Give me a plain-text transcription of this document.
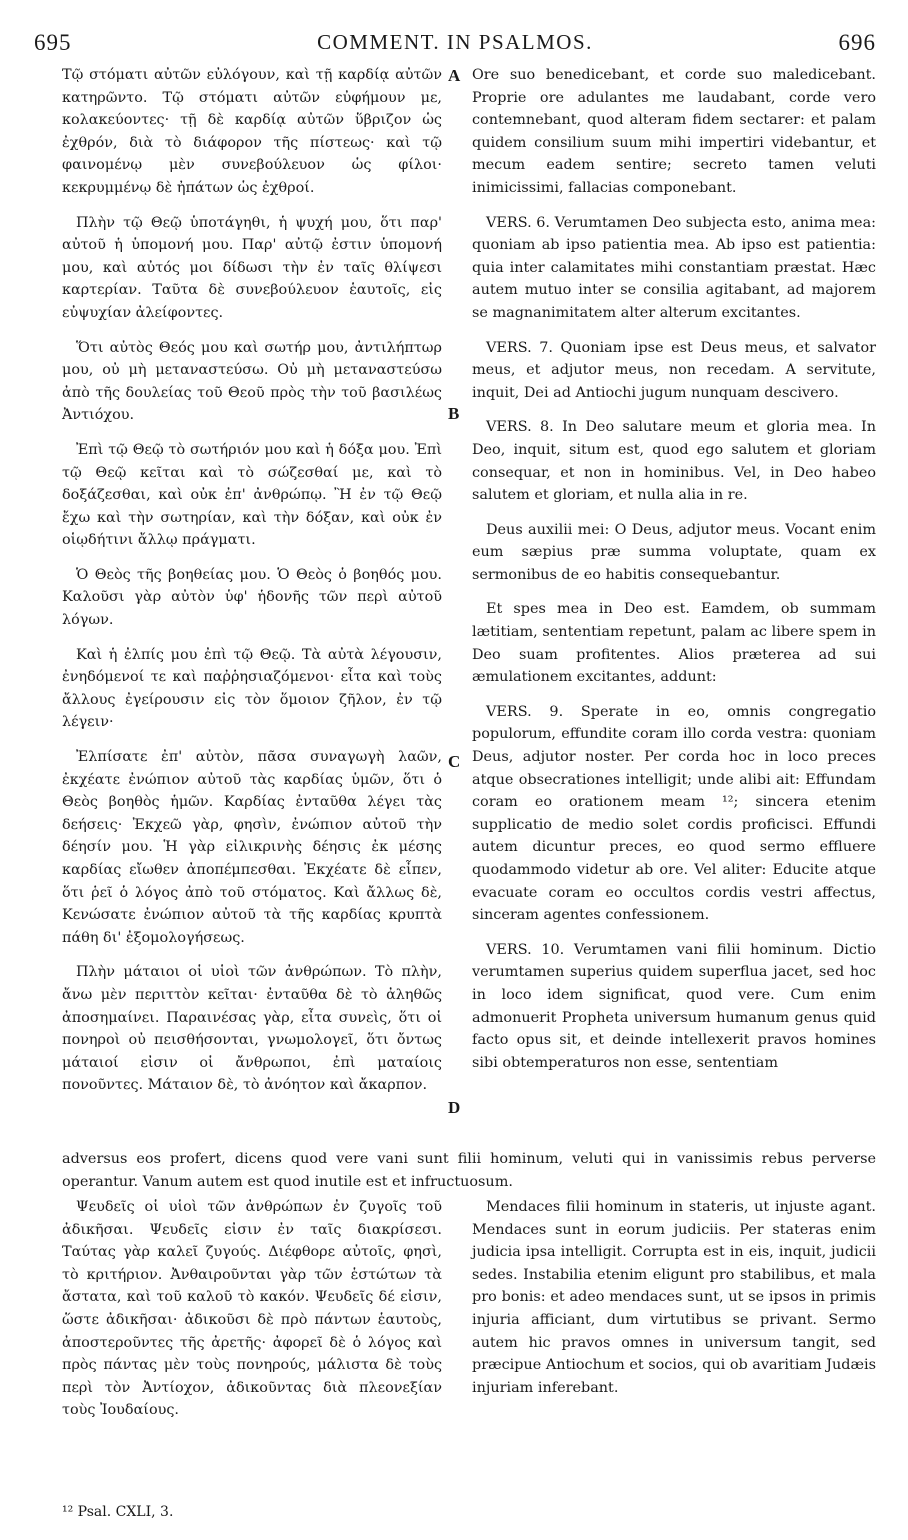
695	COMMENT. IN PSALMOS.	696

Τῷ στόματι αὐτῶν εὐλόγουν, καὶ τῇ καρδίᾳ αὐτῶν κατηρῶντο. Τῷ στόματι αὐτῶν εὐφήμουν με, κολακεύοντες· τῇ δὲ καρδίᾳ αὐτῶν ὕβριζον ὡς ἐχθρόν, διὰ τὸ διάφορον τῆς πίστεως· καὶ τῷ φαινομένῳ μὲν συνεβούλευον ὡς φίλοι· κεκρυμμένῳ δὲ ἠπάτων ὡς ἐχθροί.

Πλὴν τῷ Θεῷ ὑποτάγηθι, ἡ ψυχή μου, ὅτι παρ' αὐτοῦ ἡ ὑπομονή μου. Παρ' αὐτῷ ἐστιν ὑπομονή μου, καὶ αὐτός μοι δίδωσι τὴν ἐν ταῖς θλίψεσι καρτερίαν. Ταῦτα δὲ συνεβούλευον ἑαυτοῖς, εἰς εὐψυχίαν ἀλείφοντες.

Ὅτι αὐτὸς Θεός μου καὶ σωτήρ μου, ἀντιλήπτωρ μου, οὐ μὴ μεταναστεύσω. Οὐ μὴ μεταναστεύσω ἀπὸ τῆς δουλείας τοῦ Θεοῦ πρὸς τὴν τοῦ βασιλέως Ἀντιόχου.

Ἐπὶ τῷ Θεῷ τὸ σωτήριόν μου καὶ ἡ δόξα μου. Ἐπὶ τῷ Θεῷ κεῖται καὶ τὸ σώζεσθαί με, καὶ τὸ δοξάζεσθαι, καὶ οὐκ ἐπ' ἀνθρώπῳ. Ἢ ἐν τῷ Θεῷ ἔχω καὶ τὴν σωτηρίαν, καὶ τὴν δόξαν, καὶ οὐκ ἐν οἱῳδήτινι ἄλλῳ πράγματι.

Ὁ Θεὸς τῆς βοηθείας μου. Ὁ Θεὸς ὁ βοηθός μου. Καλοῦσι γὰρ αὐτὸν ὑφ' ἡδονῆς τῶν περὶ αὐτοῦ λόγων.

Καὶ ἡ ἐλπίς μου ἐπὶ τῷ Θεῷ. Τὰ αὐτὰ λέγουσιν, ἐνηδόμενοί τε καὶ παῤῥησιαζόμενοι· εἶτα καὶ τοὺς ἄλλους ἐγείρουσιν εἰς τὸν ὅμοιον ζῆλον, ἐν τῷ λέγειν·

Ἐλπίσατε ἐπ' αὐτὸν, πᾶσα συναγωγὴ λαῶν, ἐκχέατε ἐνώπιον αὐτοῦ τὰς καρδίας ὑμῶν, ὅτι ὁ Θεὸς βοηθὸς ἡμῶν. Καρδίας ἐνταῦθα λέγει τὰς δεήσεις· Ἐκχεῶ γὰρ, φησὶν, ἐνώπιον αὐτοῦ τὴν δέησίν μου. Ἡ γὰρ εἰλικρινὴς δέησις ἐκ μέσης καρδίας εἴωθεν ἀποπέμπεσθαι. Ἐκχέατε δὲ εἶπεν, ὅτι ῥεῖ ὁ λόγος ἀπὸ τοῦ στόματος. Καὶ ἄλλως δὲ, Κενώσατε ἐνώπιον αὐτοῦ τὰ τῆς καρδίας κρυπτὰ πάθη δι' ἐξομολογήσεως.

Πλὴν μάταιοι οἱ υἱοὶ τῶν ἀνθρώπων. Τὸ πλὴν, ἄνω μὲν περιττὸν κεῖται· ἐνταῦθα δὲ τὸ ἀληθῶς ἀποσημαίνει. Παραινέσας γὰρ, εἶτα συνεὶς, ὅτι οἱ πονηροὶ οὐ πεισθήσονται, γνωμολογεῖ, ὅτι ὄντως μάταιοί εἰσιν οἱ ἄνθρωποι, ἐπὶ ματαίοις πονοῦντες. Μάταιον δὲ, τὸ ἀνόητον καὶ ἄκαρπον.

Ore suo benedicebant, et corde suo maledicebant. Proprie ore adulantes me laudabant, corde vero contemnebant, quod alteram fidem sectarer: et palam quidem consilium suum mihi impertiri videbantur, et mecum eadem sentire; secreto tamen veluti inimicissimi, fallacias componebant.

VERS. 6. Verumtamen Deo subjecta esto, anima mea: quoniam ab ipso patientia mea. Ab ipso est patientia: quia inter calamitates mihi constantiam præstat. Hæc autem mutuo inter se consilia agitabant, ad majorem se magnanimitatem alter alterum excitantes.

VERS. 7. Quoniam ipse est Deus meus, et salvator meus, et adjutor meus, non recedam. A servitute, inquit, Dei ad Antiochi jugum nunquam desciverο.

VERS. 8. In Deo salutare meum et gloria mea. In Deo, inquit, situm est, quod ego salutem et gloriam consequar, et non in hominibus. Vel, in Deo habeo salutem et gloriam, et nulla alia in re.

Deus auxilii mei: O Deus, adjutor meus. Vocant enim eum sæpius præ summa voluptate, quam ex sermonibus de eo habitis consequebantur.

Et spes mea in Deo est. Eamdem, ob summam lætitiam, sententiam repetunt, palam ac libere spem in Deo suam profitentes. Alios præterea ad sui æmulationem excitantes, addunt:

VERS. 9. Sperate in eo, omnis congregatio populorum, effundite coram illo corda vestra: quoniam Deus, adjutor noster. Per corda hoc in loco preces atque obsecrationes intelligit; unde alibi ait: Effundam coram eo orationem meam ¹²; sincera etenim supplicatio de medio solet cordis proficisci. Effundi autem dicuntur preces, eo quod sermo effluere quodammodo videtur ab ore. Vel aliter: Educite atque evacuate coram eo occultos cordis vestri affectus, sinceram agentes confessionem.

VERS. 10. Verumtamen vani filii hominum. Dictio verumtamen superius quidem superflua jacet, sed hoc in loco idem significat, quod vere. Cum enim admonuerit Propheta universum humanum genus quid facto opus sit, et deinde intellexerit pravos homines sibi obtemperaturos non esse, sententiam

adversus eos profert, dicens quod vere vani sunt filii hominum, veluti qui in vanissimis rebus perverse operantur. Vanum autem est quod inutile est et infructuosum.

Ψευδεῖς οἱ υἱοὶ τῶν ἀνθρώπων ἐν ζυγοῖς τοῦ ἀδικῆσαι. Ψευδεῖς εἰσιν ἐν ταῖς διακρίσεσι. Ταύτας γὰρ καλεῖ ζυγούς. Διέφθορε αὐτοῖς, φησὶ, τὸ κριτήριον. Ἀνθαιροῦνται γὰρ τῶν ἑστώτων τὰ ἄστατα, καὶ τοῦ καλοῦ τὸ κακόν. Ψευδεῖς δέ εἰσιν, ὥστε ἀδικῆσαι· ἀδικοῦσι δὲ πρὸ πάντων ἑαυτοὺς, ἀποστεροῦντες τῆς ἀρετῆς· ἀφορεῖ δὲ ὁ λόγος καὶ πρὸς πάντας μὲν τοὺς πονηρούς, μάλιστα δὲ τοὺς περὶ τὸν Ἀντίοχον, ἀδικοῦντας διὰ πλεονεξίαν τοὺς Ἰουδαίους.

Mendaces filii hominum in stateris, ut injuste agant. Mendaces sunt in eorum judiciis. Per stateras enim judicia ipsa intelligit. Corrupta est in eis, inquit, judicii sedes. Instabilia etenim eligunt pro stabilibus, et mala pro bonis: et adeo mendaces sunt, ut se ipsos in primis injuria afficiant, dum virtutibus se privant. Sermo autem hic pravos omnes in universum tangit, sed præcipue Antiochum et socios, qui ob avaritiam Judæis injuriam inferebant.

A
B
C
D
¹² Psal. CXLI, 3.
